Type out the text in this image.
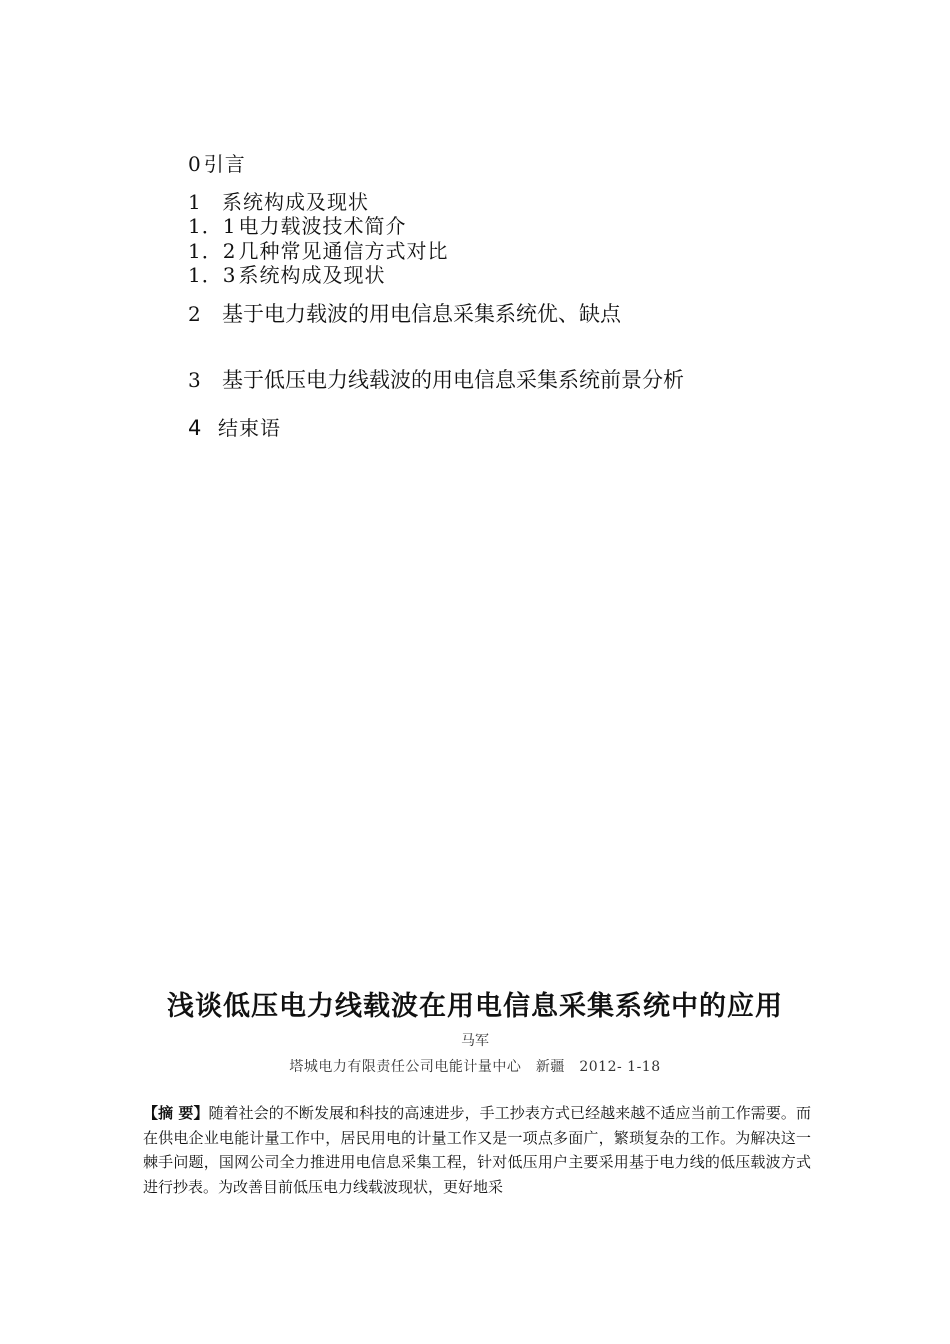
0 引言
1	系统构成及现状
1．1 电力载波技术简介
1．2 几种常见通信方式对比
1．3 系统构成及现状
2	基于电力载波的用电信息采集系统优、缺点
3	基于低压电力线载波的用电信息采集系统前景分析
4 结束语
浅谈低压电力线载波在用电信息采集系统中的应用
马军
塔城电力有限责任公司电能计量中心　新疆　2012- 1-18
【摘 要】随着社会的不断发展和科技的高速进步，手工抄表方式已经越来越不适应当前工作需要。而在供电企业电能计量工作中，居民用电的计量工作又是一项点多面广，繁琐复杂的工作。为解决这一棘手问题，国网公司全力推进用电信息采集工程，针对低压用户主要采用基于电力线的低压载波方式进行抄表。为改善目前低压电力线载波现状，更好地采
